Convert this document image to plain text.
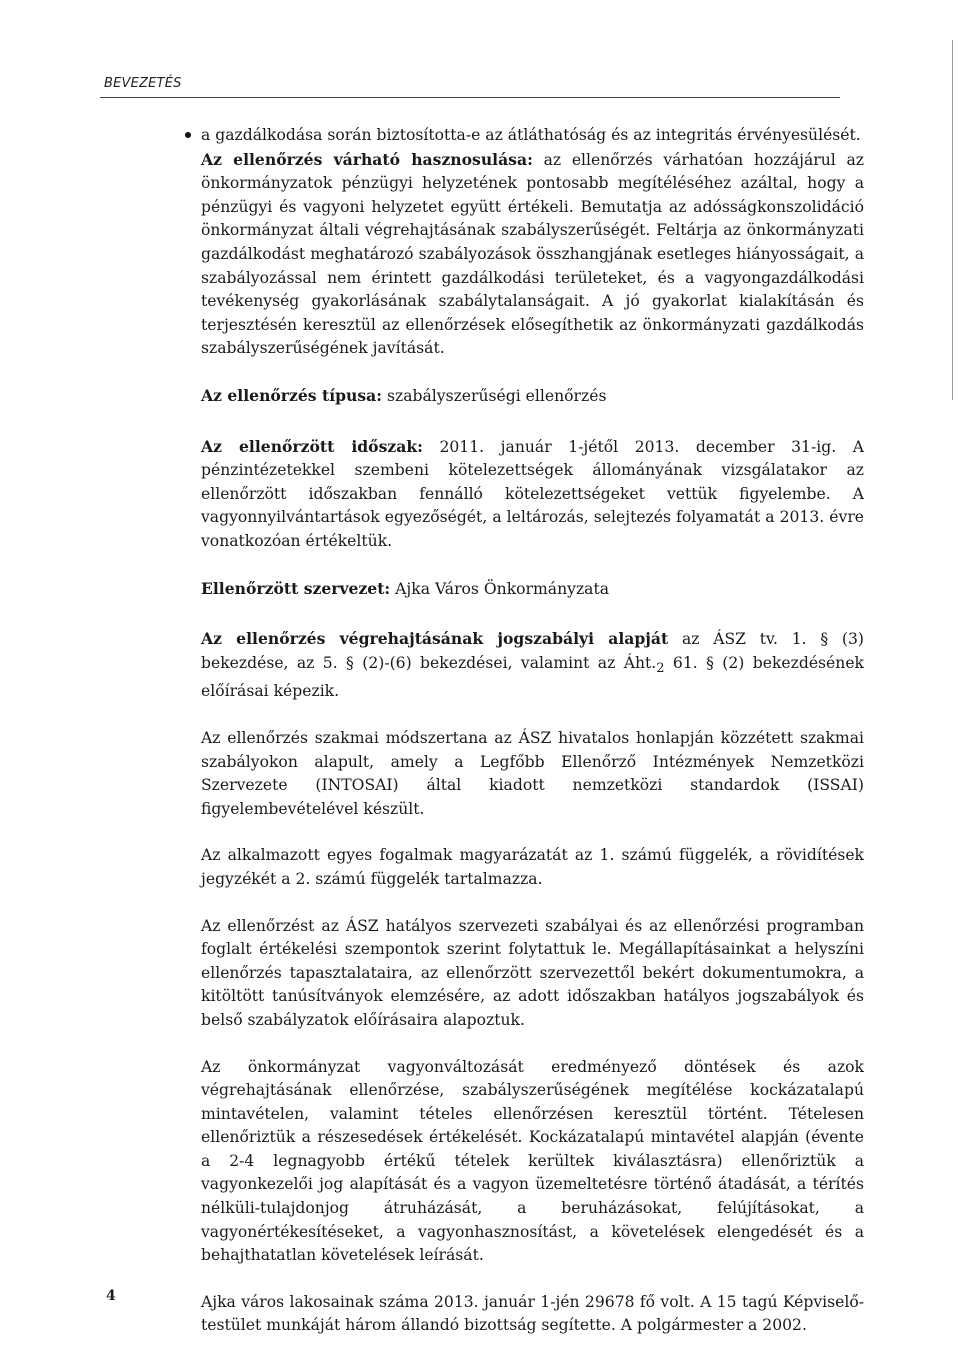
BEVEZETÉS

a gazdálkodása során biztosította-e az átláthatóság és az integritás érvényesülését.

Az ellenőrzés várható hasznosulása: az ellenőrzés várhatóan hozzájárul az önkormányzatok pénzügyi helyzetének pontosabb megítéléséhez azáltal, hogy a pénzügyi és vagyoni helyzetet együtt értékeli. Bemutatja az adósságkonszolidáció önkormányzat általi végrehajtásának szabályszerűségét. Feltárja az önkormányzati gazdálkodást meghatározó szabályozások összhangjának esetleges hiányosságait, a szabályozással nem érintett gazdálkodási területeket, és a vagyongazdálkodási tevékenység gyakorlásának szabálytalanságait. A jó gyakorlat kialakításán és terjesztésén keresztül az ellenőrzések elősegíthetik az önkormányzati gazdálkodás szabályszerűségének javítását.

Az ellenőrzés típusa: szabályszerűségi ellenőrzés

Az ellenőrzött időszak: 2011. január 1-jétől 2013. december 31-ig. A pénzintézetekkel szembeni kötelezettségek állományának vizsgálatakor az ellenőrzött időszakban fennálló kötelezettségeket vettük figyelembe. A vagyonnyilvántartások egyezőségét, a leltározás, selejtezés folyamatát a 2013. évre vonatkozóan értékeltük.

Ellenőrzött szervezet: Ajka Város Önkormányzata

Az ellenőrzés végrehajtásának jogszabályi alapját az ÁSZ tv. 1. § (3) bekezdése, az 5. § (2)-(6) bekezdései, valamint az $Áht._2$ 61. § (2) bekezdésének előírásai képezik.

Az ellenőrzés szakmai módszertana az ÁSZ hivatalos honlapján közzétett szakmai szabályokon alapult, amely a Legfőbb Ellenőrző Intézmények Nemzetközi Szervezete (INTOSAI) által kiadott nemzetközi standardok (ISSAI) figyelembevételével készült.

Az alkalmazott egyes fogalmak magyarázatát az 1. számú függelék, a rövidítések jegyzékét a 2. számú függelék tartalmazza.

Az ellenőrzést az ÁSZ hatályos szervezeti szabályai és az ellenőrzési programban foglalt értékelési szempontok szerint folytattuk le. Megállapításainkat a helyszíni ellenőrzés tapasztalataira, az ellenőrzött szervezettől bekért dokumentumokra, a kitöltött tanúsítványok elemzésére, az adott időszakban hatályos jogszabályok és belső szabályzatok előírásaira alapoztuk.

Az önkormányzat vagyonváltozását eredményező döntések és azok végrehajtásának ellenőrzése, szabályszerűségének megítélése kockázatalapú mintavételen, valamint tételes ellenőrzésen keresztül történt. Tételesen ellenőriztük a részesedések értékelését. Kockázatalapú mintavétel alapján (évente a 2-4 legnagyobb értékű tételek kerültek kiválasztásra) ellenőriztük a vagyonkezelői jog alapítását és a vagyon üzemeltetésre történő átadását, a térítés nélküli-tulajdonjog átruházását, a beruházásokat, felújításokat, a vagyonértékesítéseket, a vagyonhasznosítást, a követelések elengedését és a behajthatatlan követelések leírását.

Ajka város lakosainak száma 2013. január 1-jén 29678 fő volt. A 15 tagú Képviselő-testület munkáját három állandó bizottság segítette. A polgármester a 2002.

4
